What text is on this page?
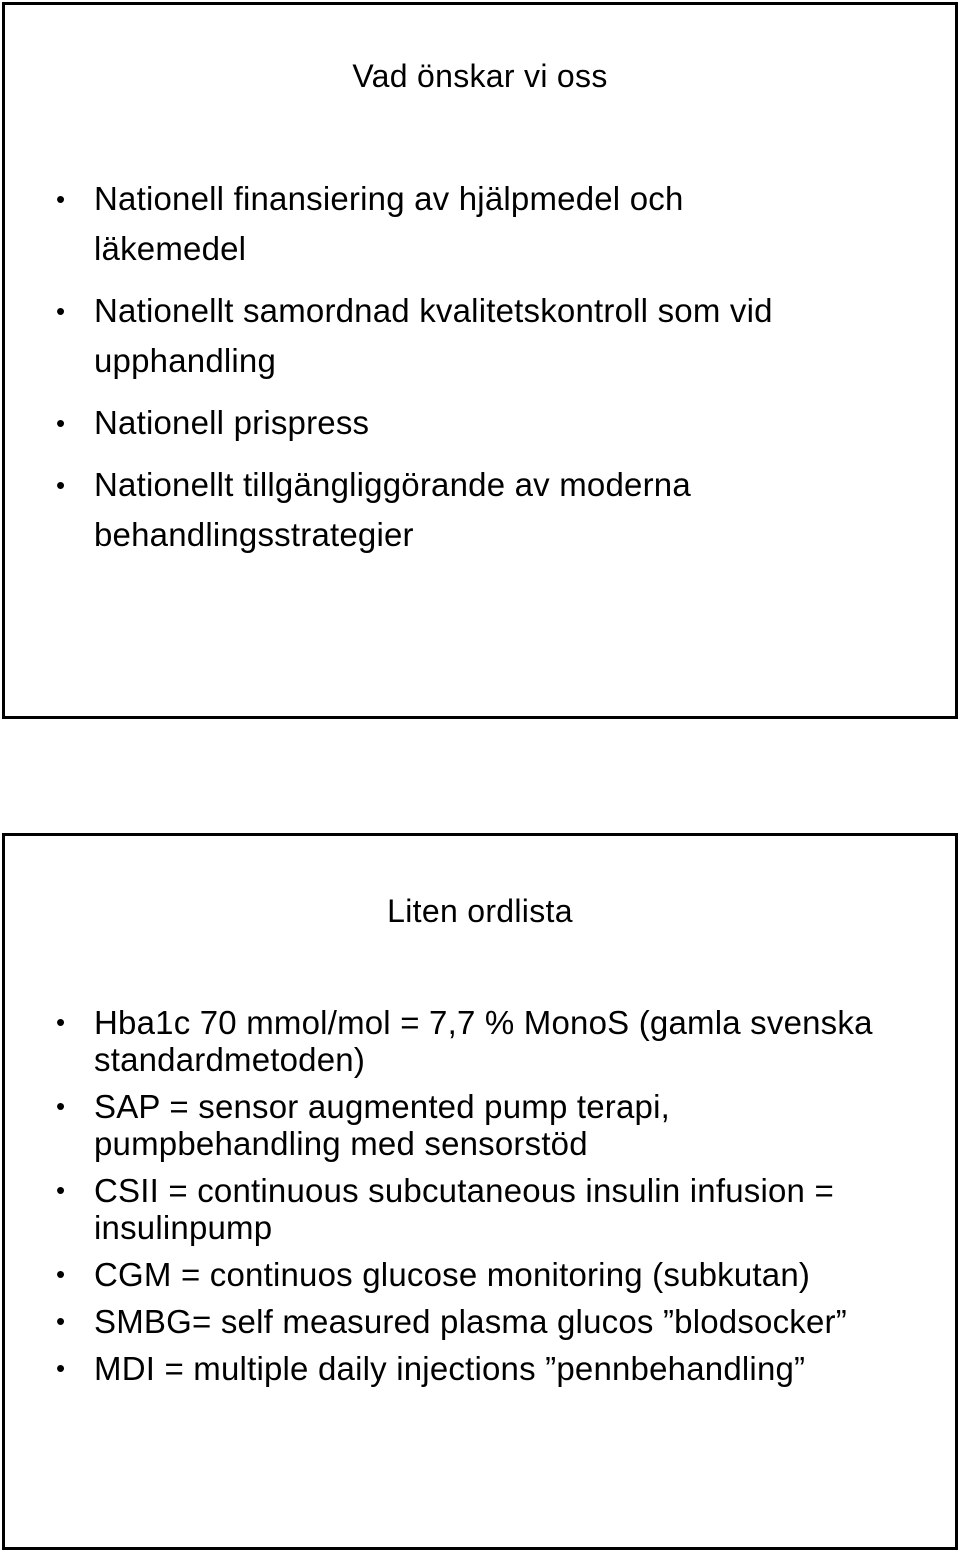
Vad önskar vi oss
• Nationell finansiering av hjälpmedel och läkemedel
• Nationellt samordnad kvalitetskontroll som vid upphandling
• Nationell prispress
• Nationellt tillgängliggörande av moderna behandlingsstrategier
Liten ordlista
• Hba1c 70 mmol/mol = 7,7 % MonoS (gamla svenska standardmetoden)
• SAP = sensor augmented pump terapi, pumpbehandling med sensorstöd
• CSII = continuous subcutaneous insulin infusion = insulinpump
• CGM = continuos glucose monitoring (subkutan)
• SMBG= self measured plasma glucos ”blodsocker”
• MDI = multiple daily injections ”pennbehandling”
